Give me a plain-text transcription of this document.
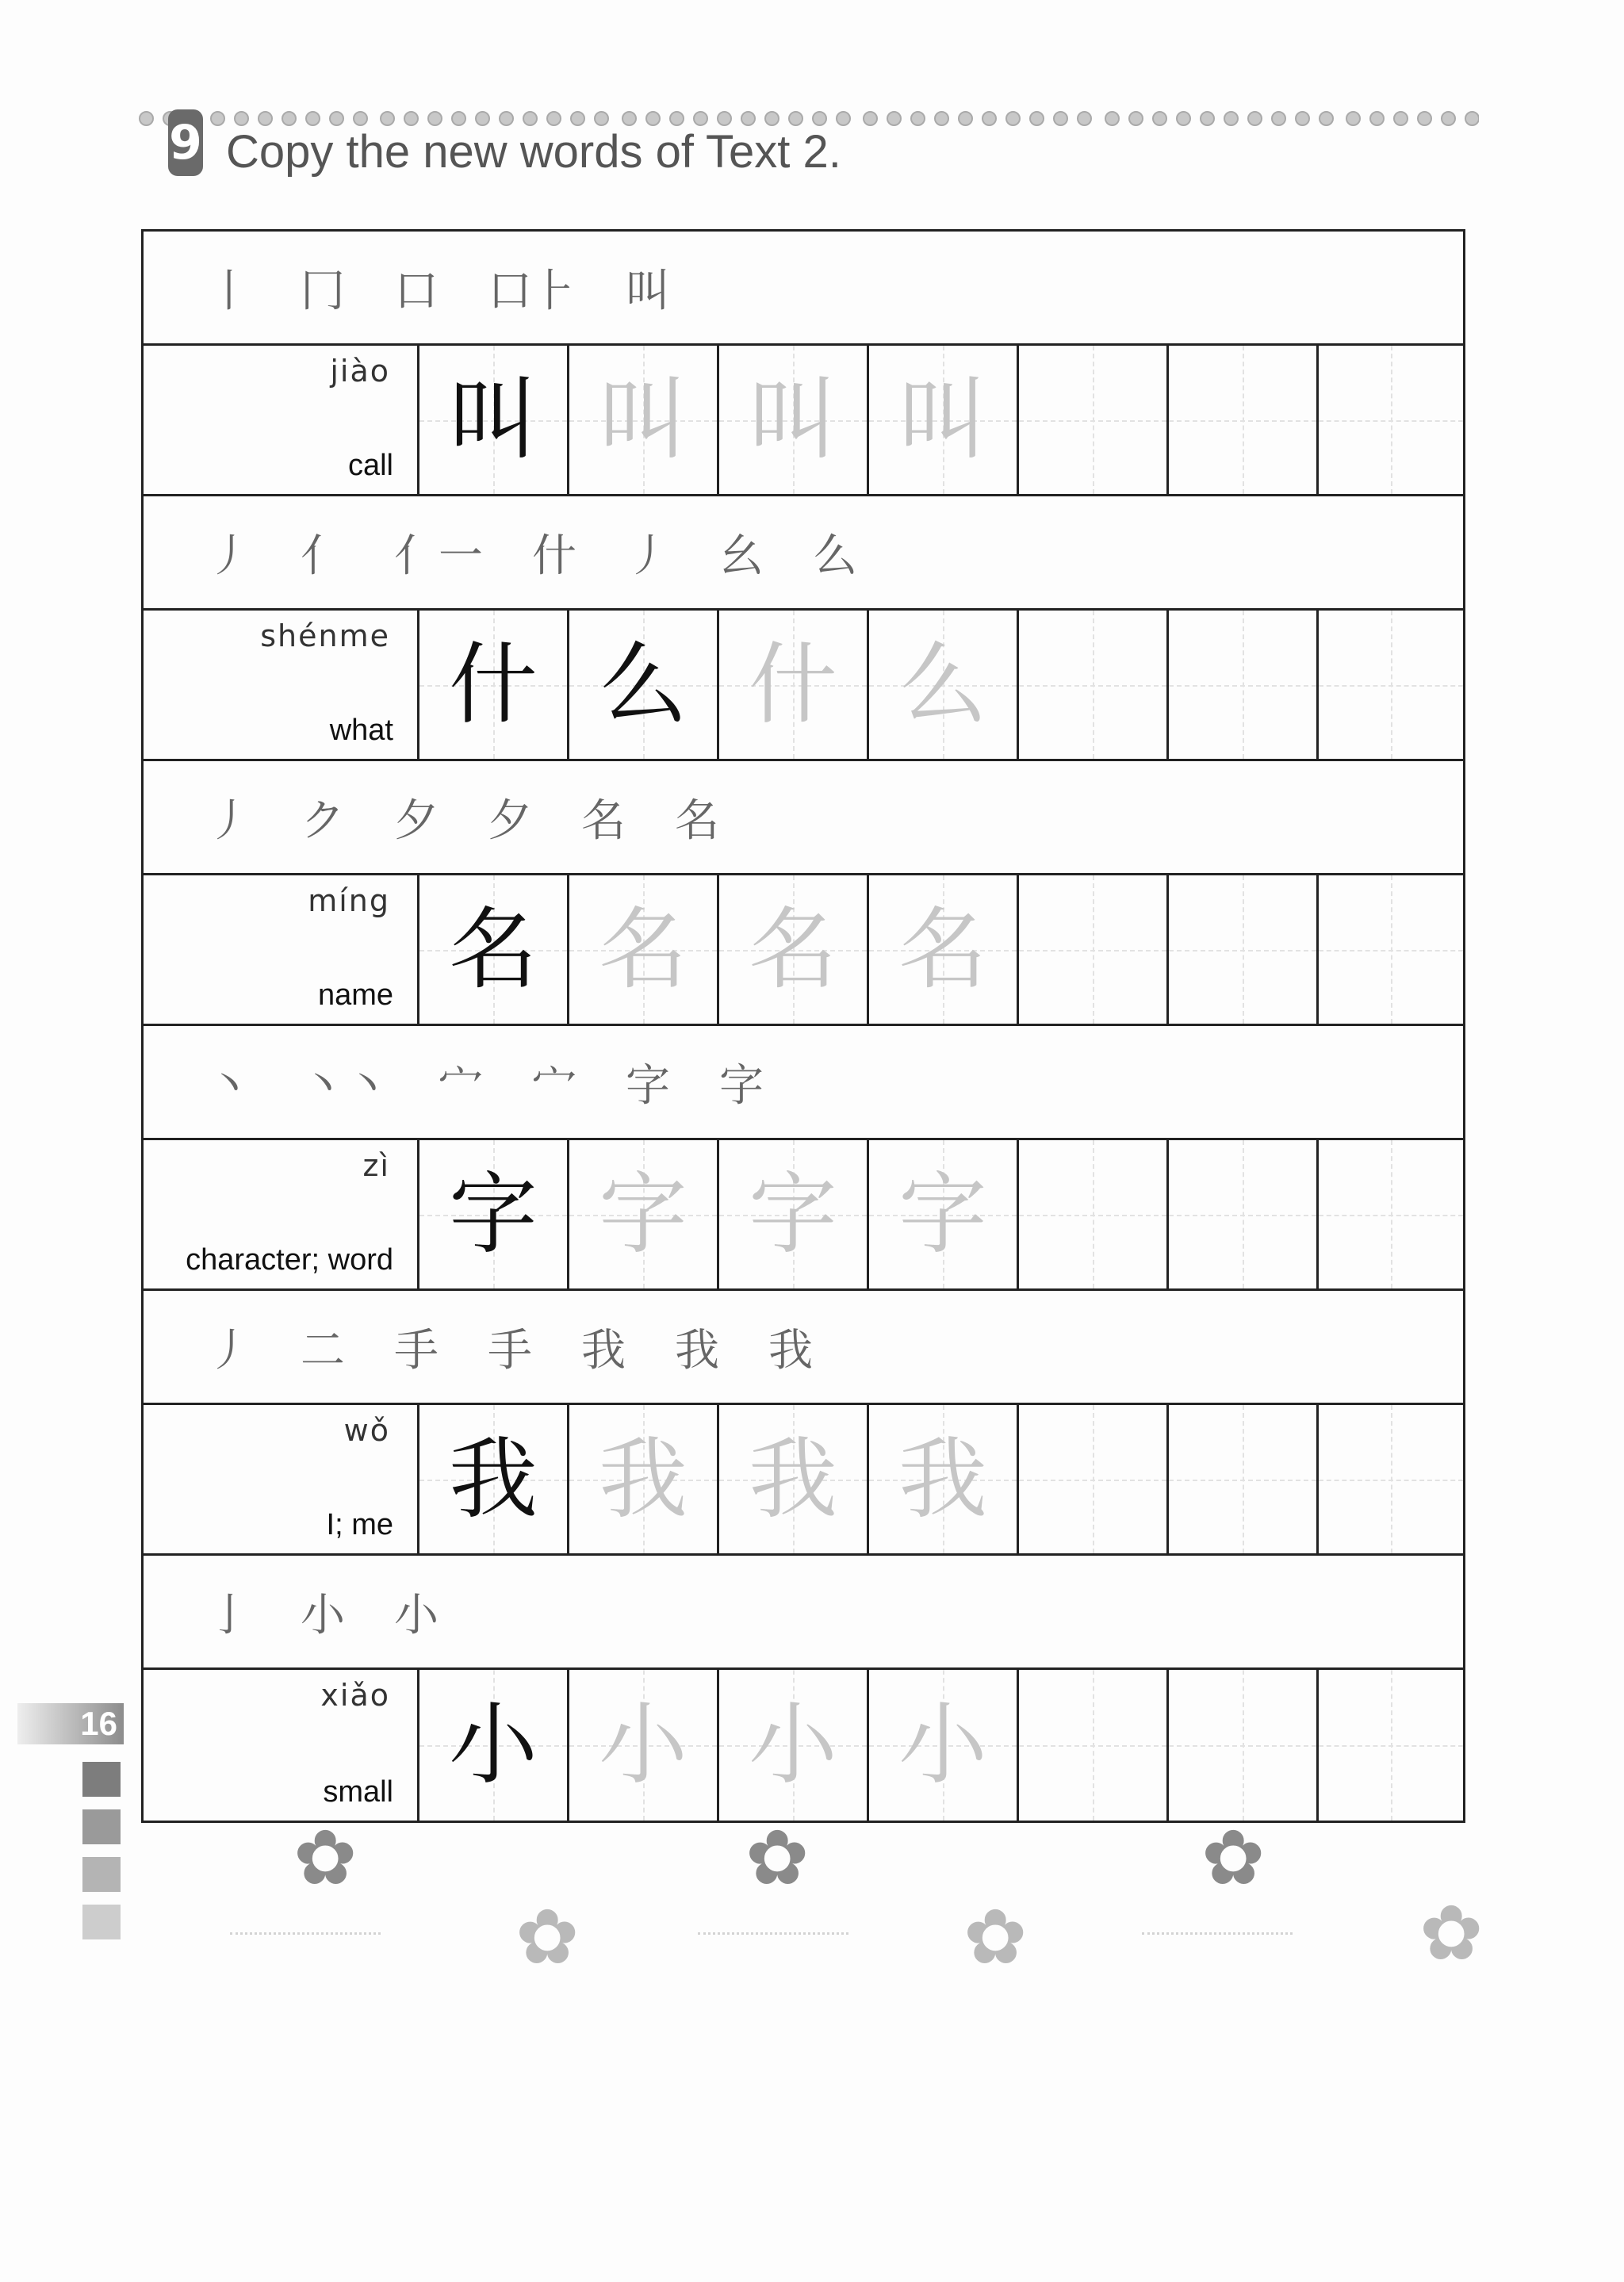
9 Copy the new words of Text 2.
丨 冂 口 口⺊ 叫
jiào
call 叫 叫 叫 叫
丿 亻 亻一 什 丿 幺 么
shénme
what 什 么 什 么
丿 ク 夕 夕 名 名
míng
name 名 名 名 名
丶 丶丶 宀 宀 字 字
zì
character; word 字 字 字 字
丿 二 手 手 我 我 我
wǒ
I; me 我 我 我 我
亅 小 小
xiǎo
small 小 小 小 小
16
✿
✿
✿
✿
✿
✿
